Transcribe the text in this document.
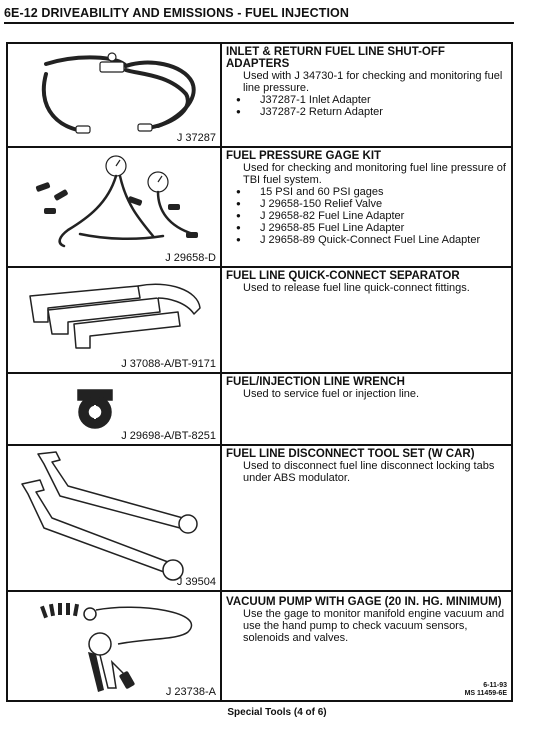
6E-12 DRIVEABILITY AND EMISSIONS - FUEL INJECTION
J 37287
INLET & RETURN FUEL LINE SHUT-OFF ADAPTERS
Used with J 34730-1 for checking and monitoring fuel line pressure.
● J37287-1 Inlet Adapter
● J37287-2 Return Adapter
J 29658-D
FUEL PRESSURE GAGE KIT
Used for checking and monitoring fuel line pressure of TBI fuel system.
● 15 PSI and 60 PSI gages
● J 29658-150 Relief Valve
● J 29658-82 Fuel Line Adapter
● J 29658-85 Fuel Line Adapter
● J 29658-89 Quick-Connect Fuel Line Adapter
J 37088-A/BT-9171
FUEL LINE QUICK-CONNECT SEPARATOR
Used to release fuel line quick-connect fittings.
J 29698-A/BT-8251
FUEL/INJECTION LINE WRENCH
Used to service fuel or injection line.
J 39504
FUEL LINE DISCONNECT TOOL SET (W CAR)
Used to disconnect fuel line disconnect locking tabs under ABS modulator.
J 23738-A
VACUUM PUMP WITH GAGE (20 IN. HG. MINIMUM)
Use the gage to monitor manifold engine vacuum and use the hand pump to check vacuum sensors, solenoids and valves.
6-11-93
MS 11459-6E
Special Tools (4 of 6)
